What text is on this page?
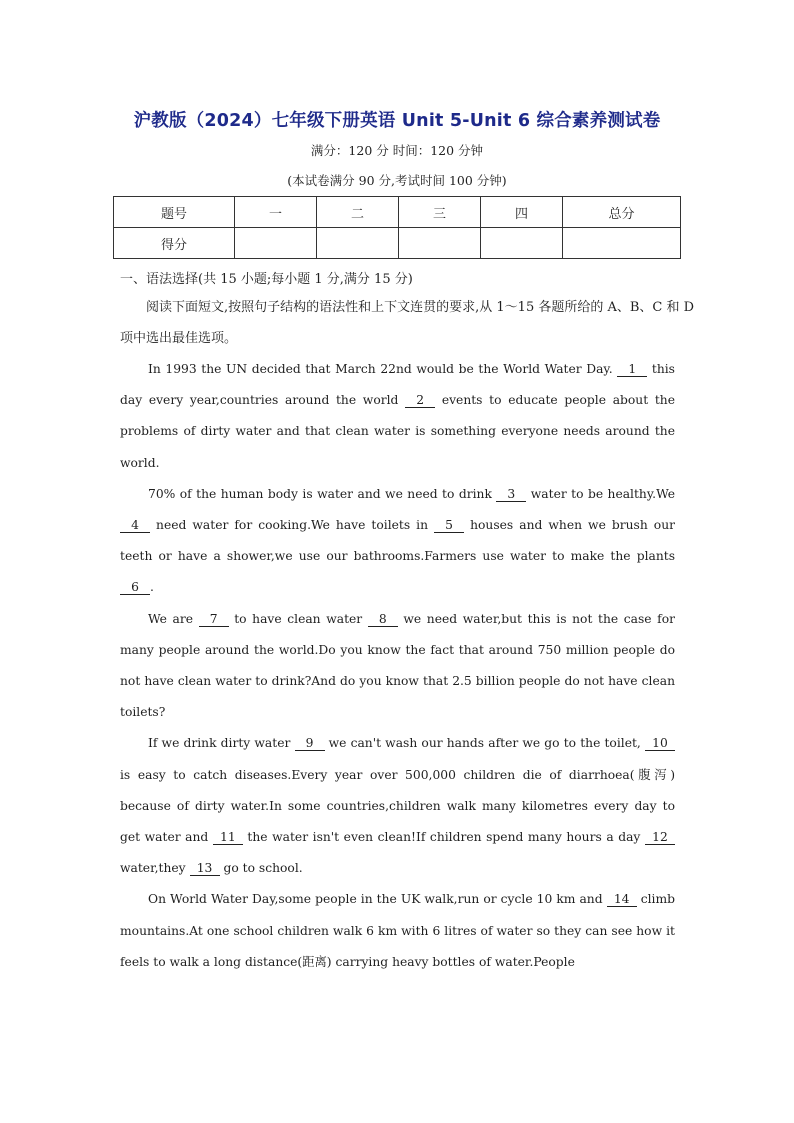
沪教版（2024）七年级下册英语 Unit 5-Unit 6 综合素养测试卷
满分：120 分 时间：120 分钟
(本试卷满分 90 分,考试时间 100 分钟)
题号	一	二	三	四	总分
得分					
一、语法选择(共 15 小题;每小题 1 分,满分 15 分)
阅读下面短文,按照句子结构的语法性和上下文连贯的要求,从 1～15 各题所给的 A、B、C 和 D 项中选出最佳选项。

In 1993 the UN decided that March 22nd would be the World Water Day. 1 this day every year,countries around the world 2 events to educate people about the problems of dirty water and that clean water is something everyone needs around the world.

70% of the human body is water and we need to drink 3 water to be healthy.We 4 need water for cooking.We have toilets in 5 houses and when we brush our teeth or have a shower,we use our bathrooms.Farmers use water to make the plants 6 .

We are 7 to have clean water 8 we need water,but this is not the case for many people around the world.Do you know the fact that around 750 million people do not have clean water to drink?And do you know that 2.5 billion people do not have clean toilets?

If we drink dirty water 9 we can't wash our hands after we go to the toilet, 10 is easy to catch diseases.Every year over 500,000 children die of diarrhoea(腹泻) because of dirty water.In some countries,children walk many kilometres every day to get water and 11 the water isn't even clean!If children spend many hours a day 12 water,they 13 go to school.

On World Water Day,some people in the UK walk,run or cycle 10 km and 14 climb mountains.At one school children walk 6 km with 6 litres of water so they can see how it feels to walk a long distance(距离) carrying heavy bottles of water.People
